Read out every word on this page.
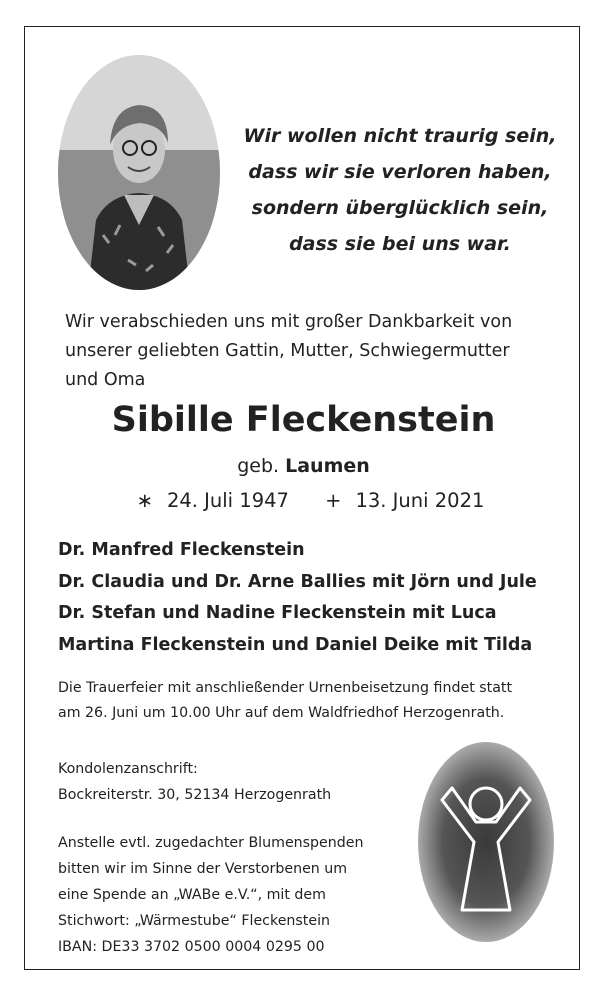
Wir wollen nicht traurig sein,
dass wir sie verloren haben,
sondern überglücklich sein,
dass sie bei uns war.
Wir verabschieden uns mit großer Dankbarkeit von
unserer geliebten Gattin, Mutter, Schwiegermutter
und Oma
Sibille Fleckenstein
geb. Laumen
∗ 24. Juli 1947 + 13. Juni 2021
Dr. Manfred Fleckenstein
Dr. Claudia und Dr. Arne Ballies mit Jörn und Jule
Dr. Stefan und Nadine Fleckenstein mit Luca
Martina Fleckenstein und Daniel Deike mit Tilda
Die Trauerfeier mit anschließender Urnenbeisetzung findet statt
am 26. Juni um 10.00 Uhr auf dem Waldfriedhof Herzogenrath.
Kondolenzanschrift:
Bockreiterstr. 30, 52134 Herzogenrath
Anstelle evtl. zugedachter Blumenspenden
bitten wir im Sinne der Verstorbenen um
eine Spende an „WABe e.V.“, mit dem
Stichwort: „Wärmestube“ Fleckenstein
IBAN: DE33 3702 0500 0004 0295 00
